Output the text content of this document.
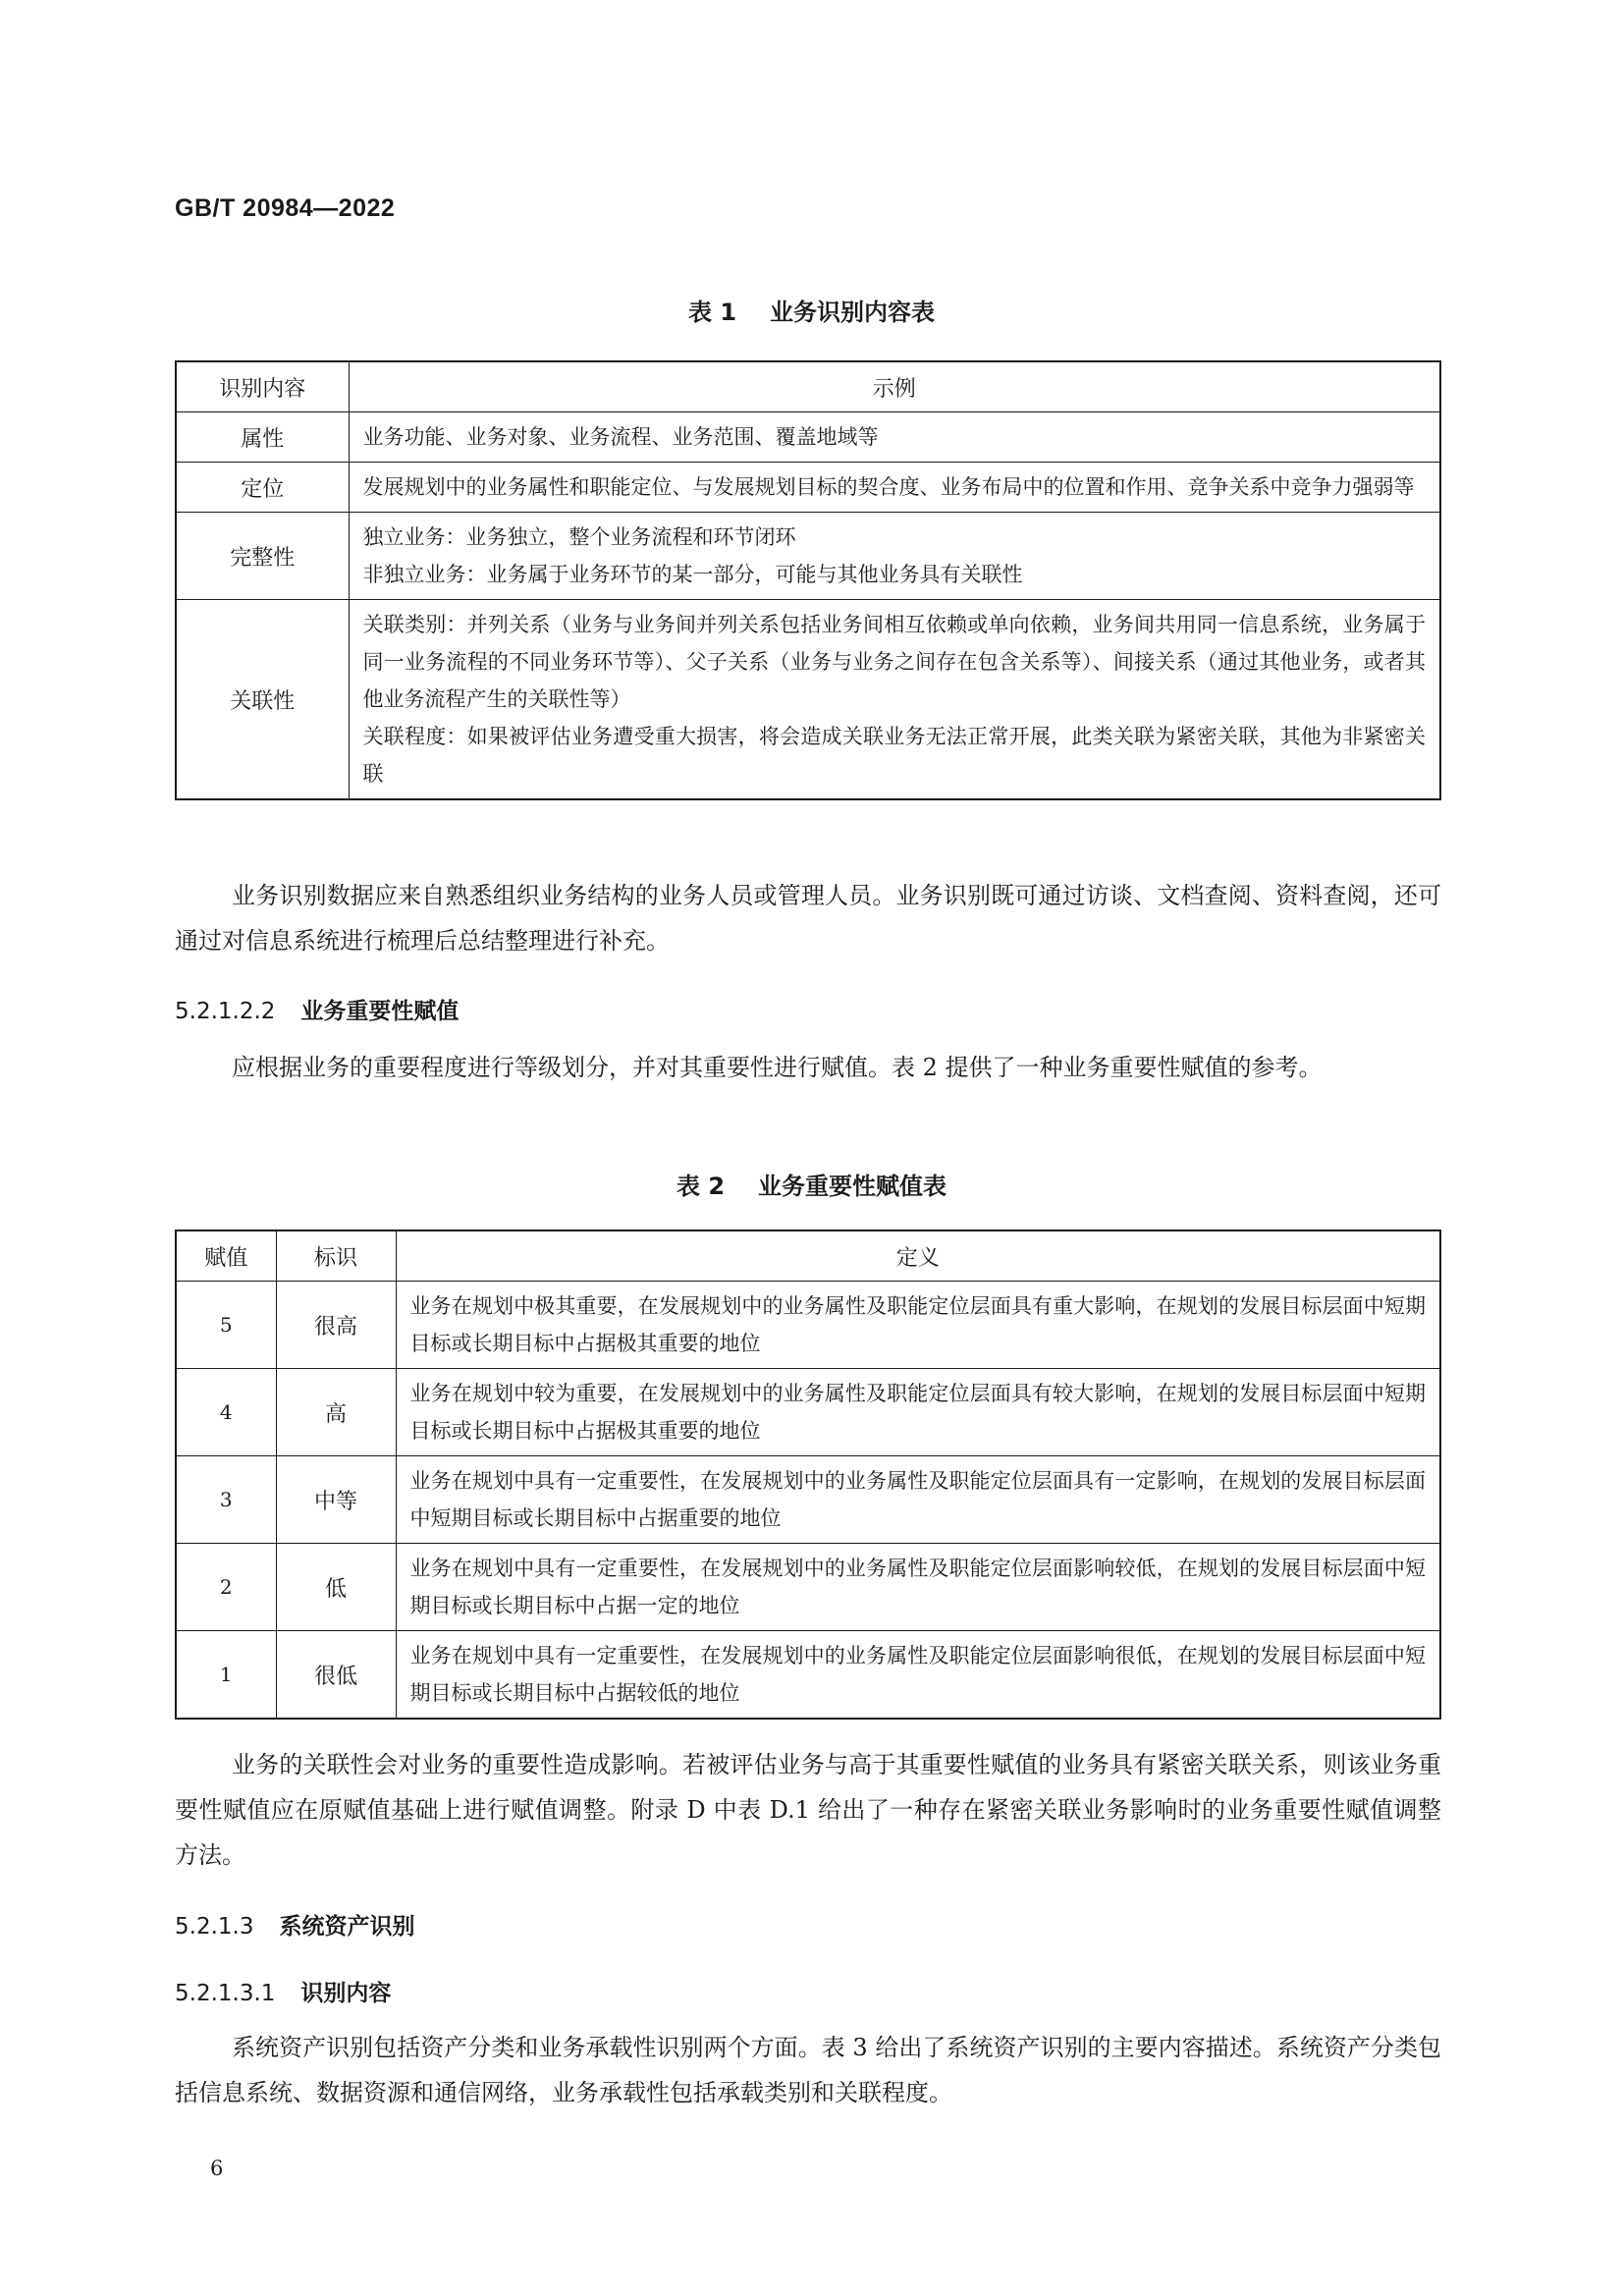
GB/T 20984—2022
表 1 业务识别内容表
识别内容	示例
属性	业务功能、业务对象、业务流程、业务范围、覆盖地域等

定位	发展规划中的业务属性和职能定位、与发展规划目标的契合度、业务布局中的位置和作用、竞争关系中竞争力强弱等

完整性	独立业务：业务独立，整个业务流程和环节闭环
非独立业务：业务属于业务环节的某一部分，可能与其他业务具有关联性

关联性	关联类别：并列关系（业务与业务间并列关系包括业务间相互依赖或单向依赖，业务间共用同一信息系统，业务属于同一业务流程的不同业务环节等）、父子关系（业务与业务之间存在包含关系等）、间接关系（通过其他业务，或者其他业务流程产生的关联性等）
关联程度：如果被评估业务遭受重大损害，将会造成关联业务无法正常开展，此类关联为紧密关联，其他为非紧密关联

业务识别数据应来自熟悉组织业务结构的业务人员或管理人员。业务识别既可通过访谈、文档查阅、资料查阅，还可通过对信息系统进行梳理后总结整理进行补充。

5.2.1.2.2 业务重要性赋值

应根据业务的重要程度进行等级划分，并对其重要性进行赋值。表 2 提供了一种业务重要性赋值的参考。

表 2 业务重要性赋值表
赋值	标识	定义
5	很高	业务在规划中极其重要，在发展规划中的业务属性及职能定位层面具有重大影响，在规划的发展目标层面中短期目标或长期目标中占据极其重要的地位
4	高	业务在规划中较为重要，在发展规划中的业务属性及职能定位层面具有较大影响，在规划的发展目标层面中短期目标或长期目标中占据极其重要的地位
3	中等	业务在规划中具有一定重要性，在发展规划中的业务属性及职能定位层面具有一定影响，在规划的发展目标层面中短期目标或长期目标中占据重要的地位
2	低	业务在规划中具有一定重要性，在发展规划中的业务属性及职能定位层面影响较低，在规划的发展目标层面中短期目标或长期目标中占据一定的地位
1	很低	业务在规划中具有一定重要性，在发展规划中的业务属性及职能定位层面影响很低，在规划的发展目标层面中短期目标或长期目标中占据较低的地位

业务的关联性会对业务的重要性造成影响。若被评估业务与高于其重要性赋值的业务具有紧密关联关系，则该业务重要性赋值应在原赋值基础上进行赋值调整。附录 D 中表 D.1 给出了一种存在紧密关联业务影响时的业务重要性赋值调整方法。

5.2.1.3 系统资产识别
5.2.1.3.1 识别内容

系统资产识别包括资产分类和业务承载性识别两个方面。表 3 给出了系统资产识别的主要内容描述。系统资产分类包括信息系统、数据资源和通信网络，业务承载性包括承载类别和关联程度。

6
